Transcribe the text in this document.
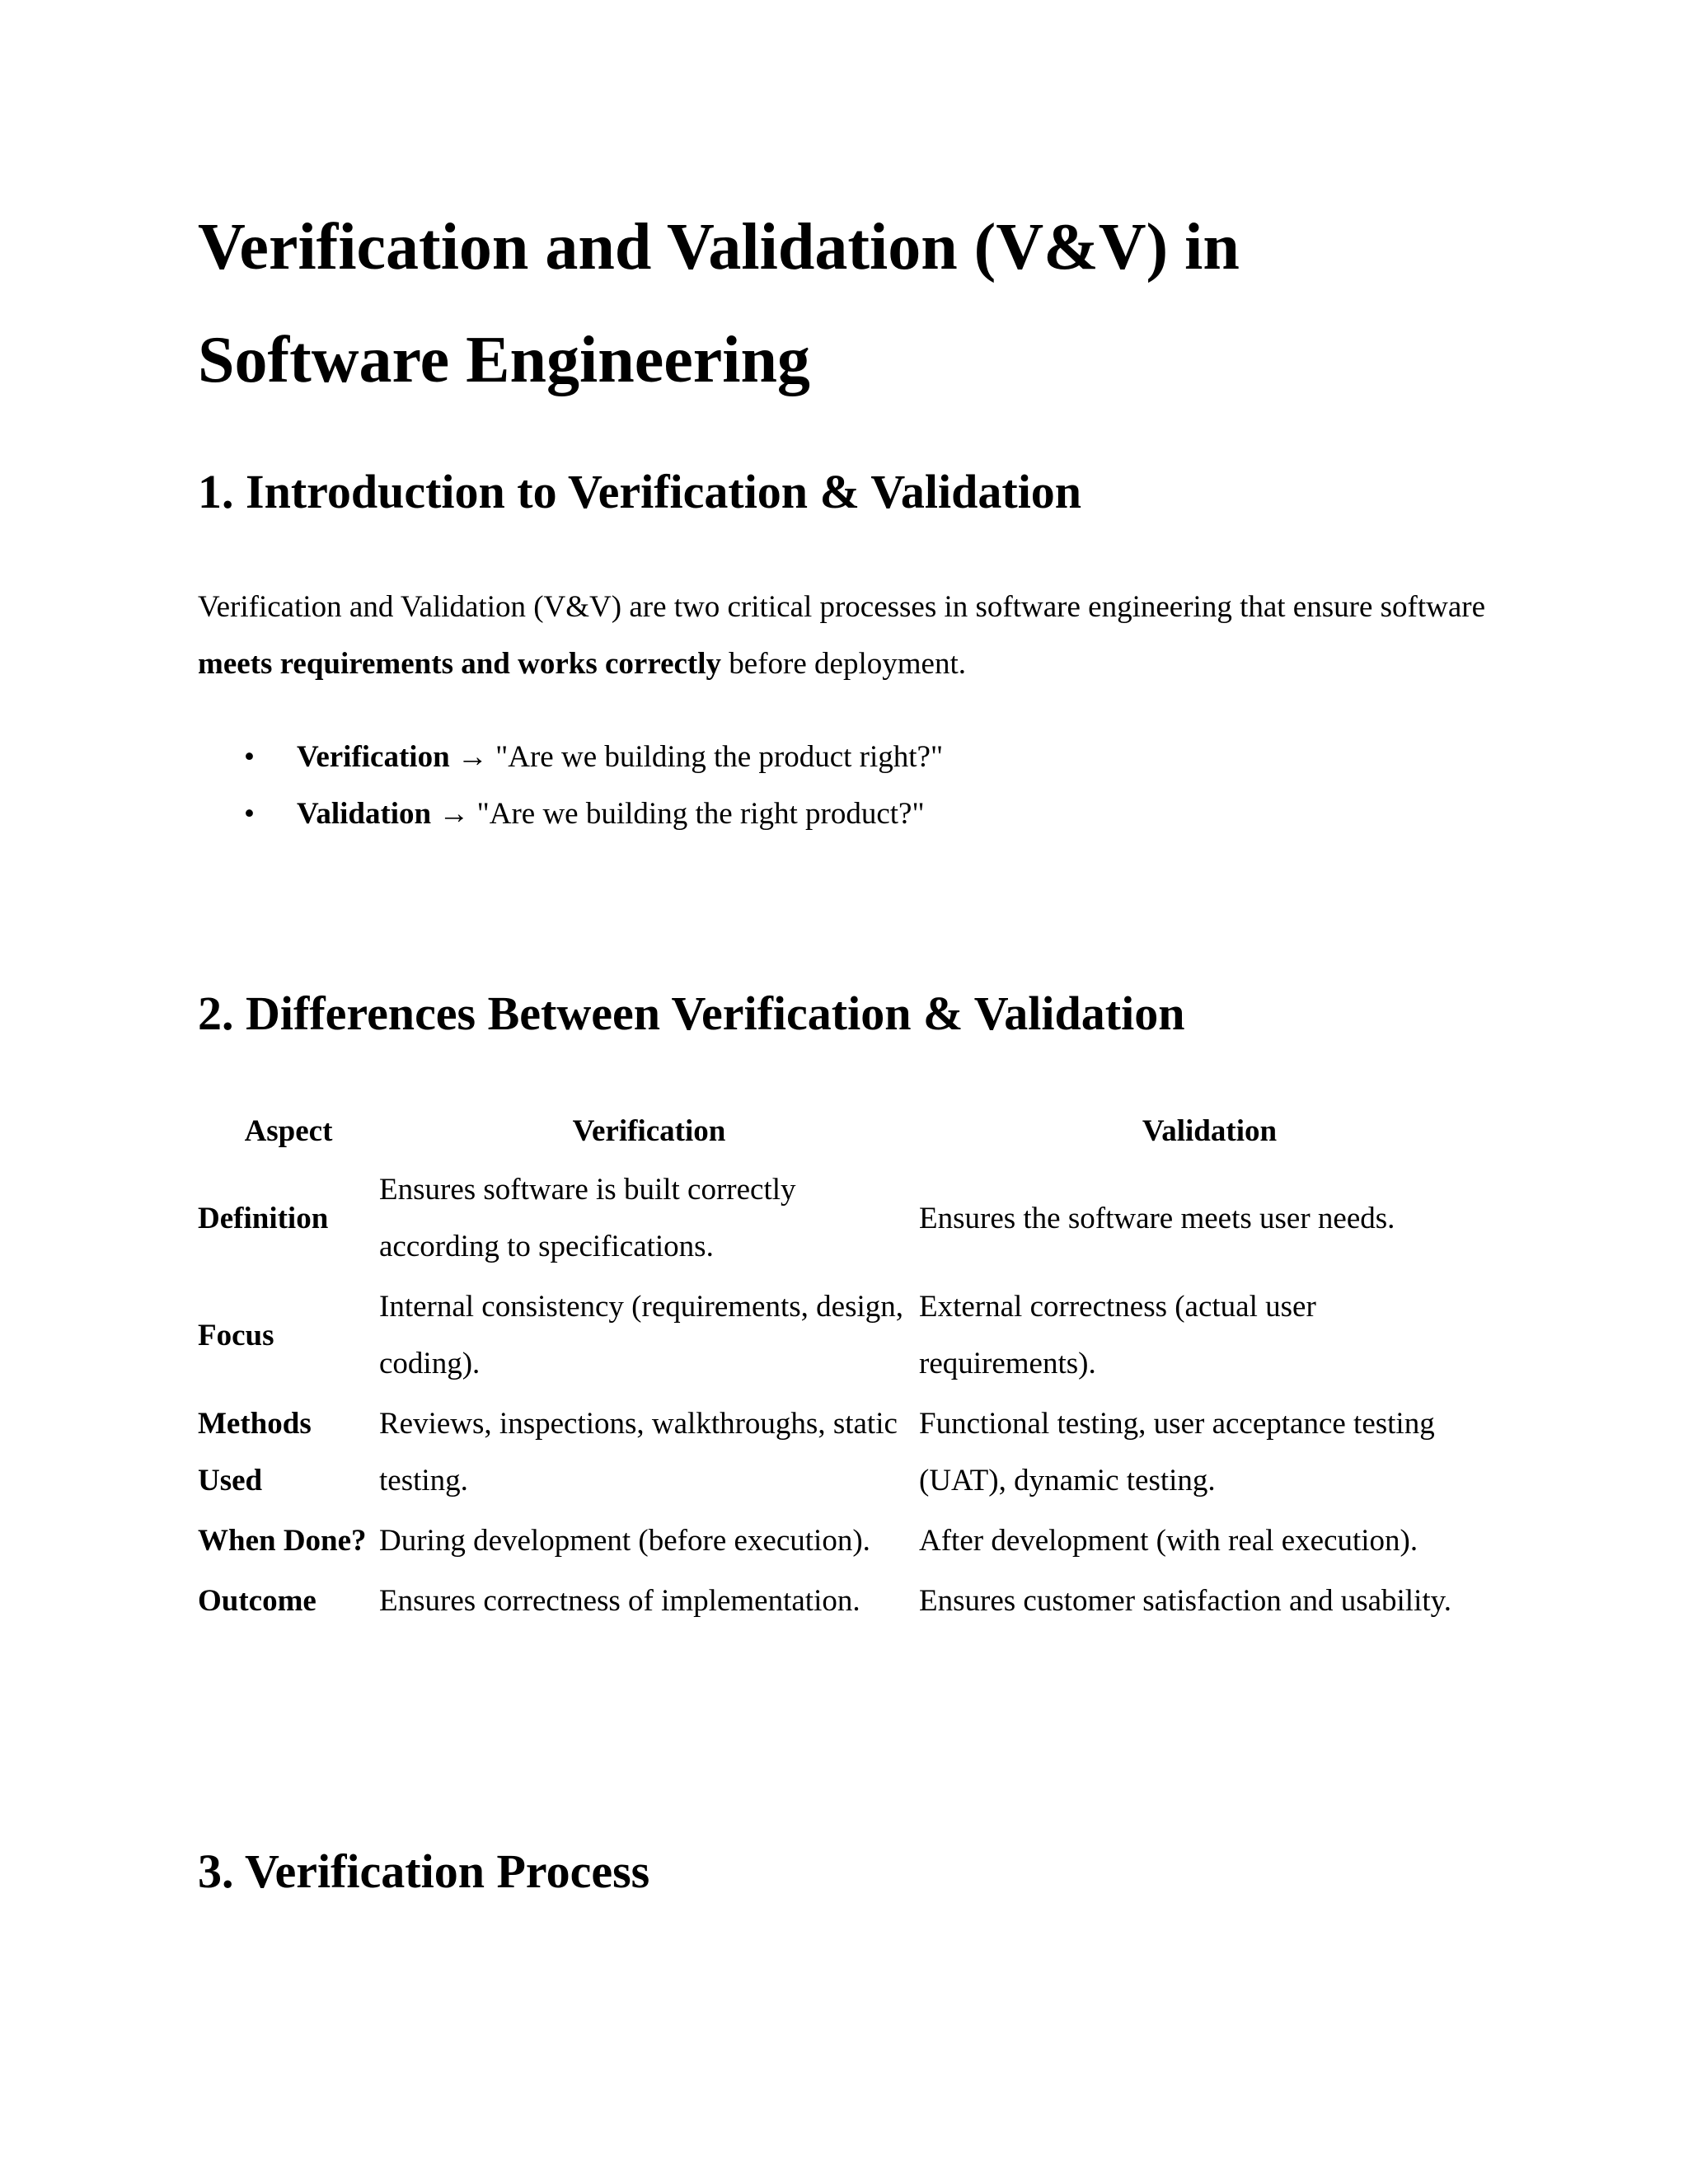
Verification and Validation (V&V) in Software Engineering
1. Introduction to Verification & Validation

Verification and Validation (V&V) are two critical processes in software engineering that ensure software meets requirements and works correctly before deployment.

• Verification → "Are we building the product right?"
• Validation → "Are we building the right product?"
2. Differences Between Verification & Validation
Aspect	Verification	Validation
Definition	Ensures software is built correctly according to specifications.	Ensures the software meets user needs.
Focus	Internal consistency (requirements, design, coding).	External correctness (actual user requirements).
Methods Used	Reviews, inspections, walkthroughs, static testing.	Functional testing, user acceptance testing (UAT), dynamic testing.
When Done?	During development (before execution).	After development (with real execution).
Outcome	Ensures correctness of implementation.	Ensures customer satisfaction and usability.
3. Verification Process
